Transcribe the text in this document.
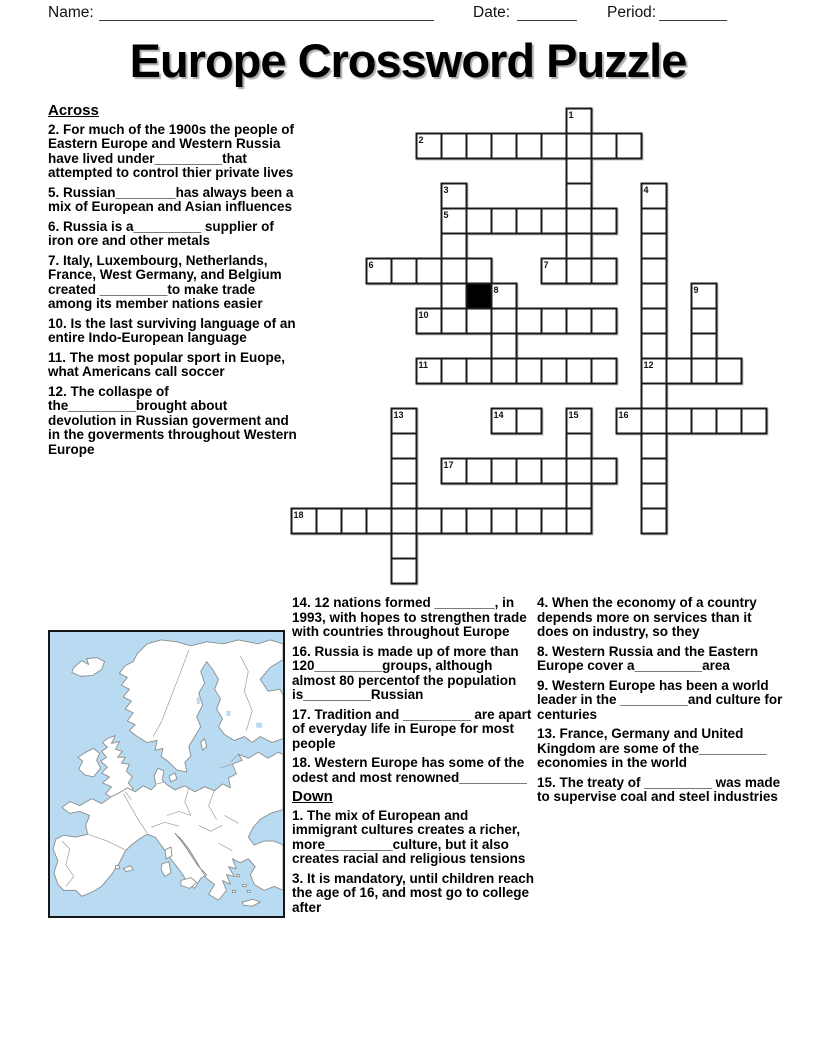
Name:	Date:	Period:
Europe Crossword Puzzle
Across
2. For much of the 1900s the people of Eastern Europe and Western Russia have lived under_________that attempted to control thier private lives
5. Russian________has always been a mix of European and Asian influences
6. Russia is a_________ supplier of iron ore and other metals
7. Italy, Luxembourg, Netherlands, France, West Germany, and Belgium created _________to make trade among its member nations easier
10. Is the last surviving language of an entire Indo-European language
11. The most popular sport in Euope, what Americans call soccer
12. The collaspe of the_________brought about devolution in Russian goverment and in the goverments throughout Western Europe
1
2
3	4
5
6	7
8	9
10
11	12
13	14	15	16
17
18
14. 12 nations formed ________, in 1993, with hopes to strengthen trade with countries throughout Europe
16. Russia is made up of more than 120_________groups, although almost 80 percentof the population is_________Russian
17. Tradition and _________ are apart of everyday life in Europe for most people
18. Western Europe has some of the odest and most renowned_________
Down
1. The mix of European and immigrant cultures creates a richer, more_________culture, but it also creates racial and religious tensions
3. It is mandatory, until children reach the age of 16, and most go to college after
4. When the economy of a country depends more on services than it does on industry, so they
8. Western Russia and the Eastern Europe cover a_________area
9. Western Europe has been a world leader in the _________and culture for centuries
13. France, Germany and United Kingdom are some of the_________ economies in the world
15. The treaty of _________ was made to supervise coal and steel industries
